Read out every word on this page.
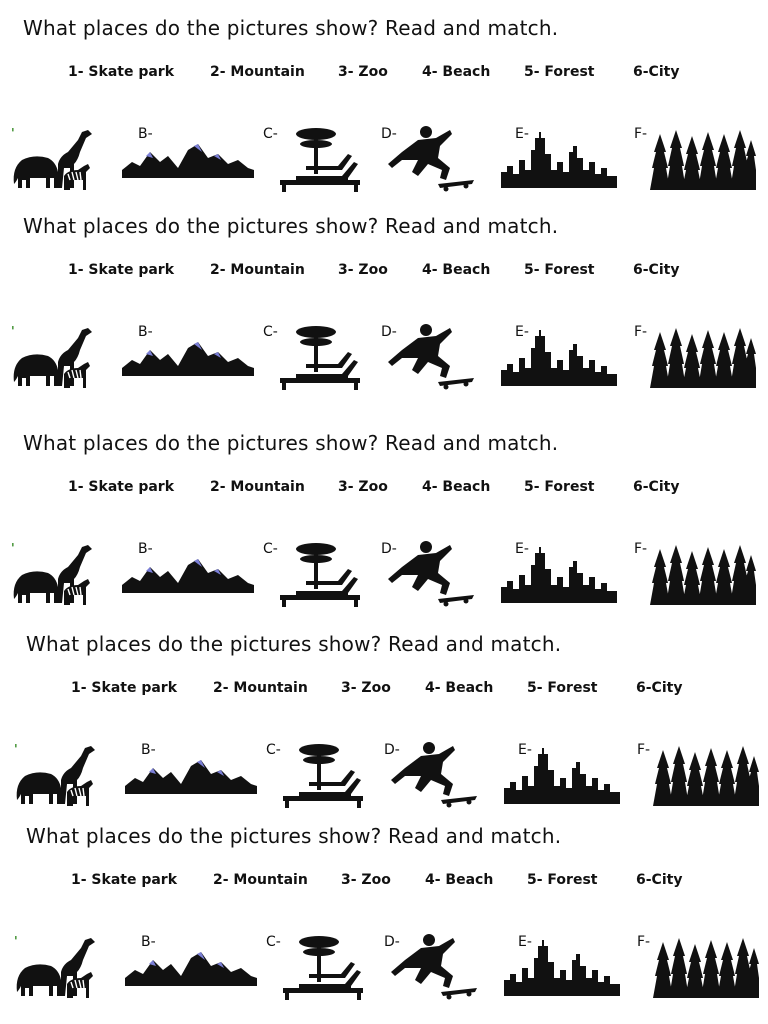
What places do the pictures show? Read and match.
1- Skate park	2- Mountain 3- Zoo 4- Beach 5- Forest	6-City
'	B-	C-	D-	E-	F-
What places do the pictures show? Read and match.
1- Skate park	2- Mountain 3- Zoo 4- Beach 5- Forest	6-City
'	B-	C-	D-	E-	F-
What places do the pictures show? Read and match.
1- Skate park	2- Mountain 3- Zoo 4- Beach 5- Forest	6-City
'	B-	C-	D-	E-	F-
What places do the pictures show? Read and match.
1- Skate park	2- Mountain 3- Zoo 4- Beach 5- Forest	6-City
'	B-	C-	D-	E-	F-
What places do the pictures show? Read and match.
1- Skate park	2- Mountain 3- Zoo 4- Beach 5- Forest	6-City
'	B-	C-	D-	E-	F-
